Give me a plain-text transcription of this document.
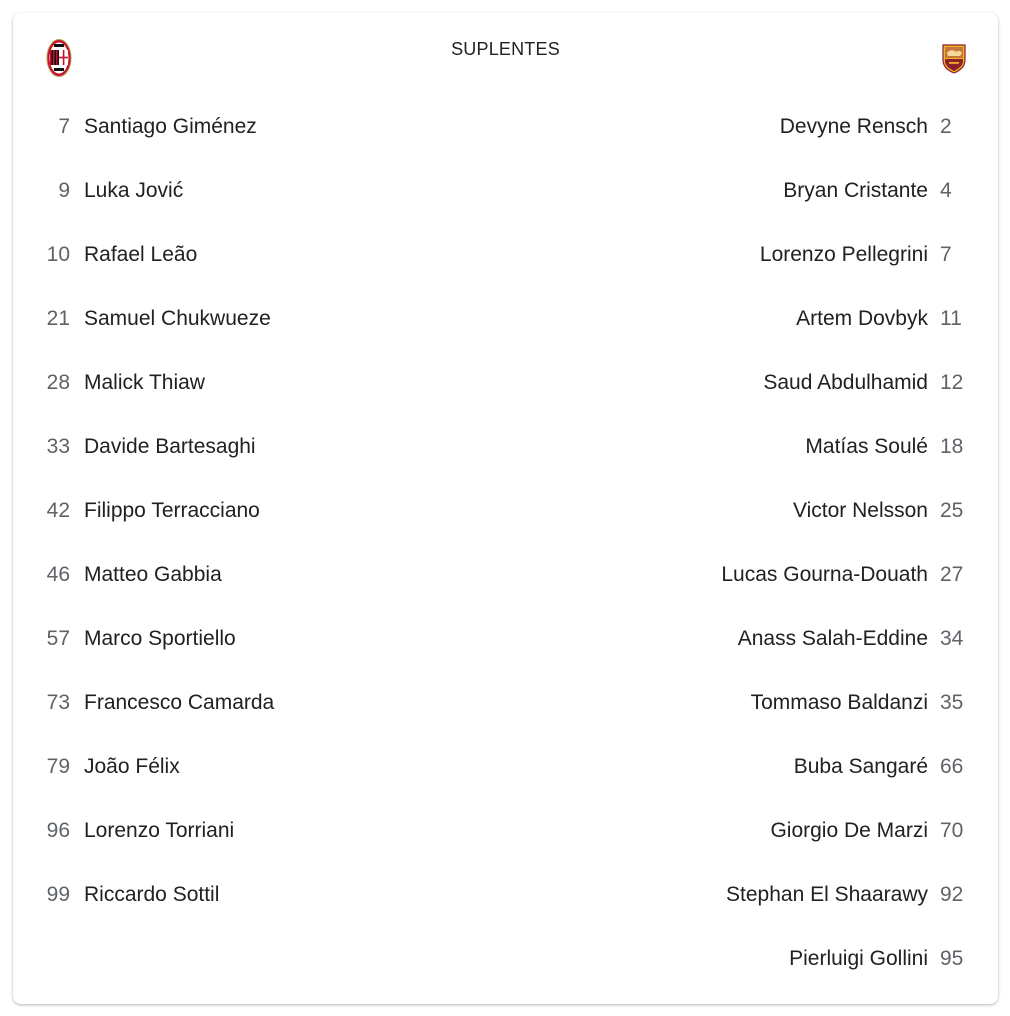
SUPLENTES
7 Santiago Giménez
9 Luka Jović
10 Rafael Leão
21 Samuel Chukwueze
28 Malick Thiaw
33 Davide Bartesaghi
42 Filippo Terracciano
46 Matteo Gabbia
57 Marco Sportiello
73 Francesco Camarda
79 João Félix
96 Lorenzo Torriani
99 Riccardo Sottil
Devyne Rensch 2
Bryan Cristante 4
Lorenzo Pellegrini 7
Artem Dovbyk 11
Saud Abdulhamid 12
Matías Soulé 18
Victor Nelsson 25
Lucas Gourna-Douath 27
Anass Salah-Eddine 34
Tommaso Baldanzi 35
Buba Sangaré 66
Giorgio De Marzi 70
Stephan El Shaarawy 92
Pierluigi Gollini 95
